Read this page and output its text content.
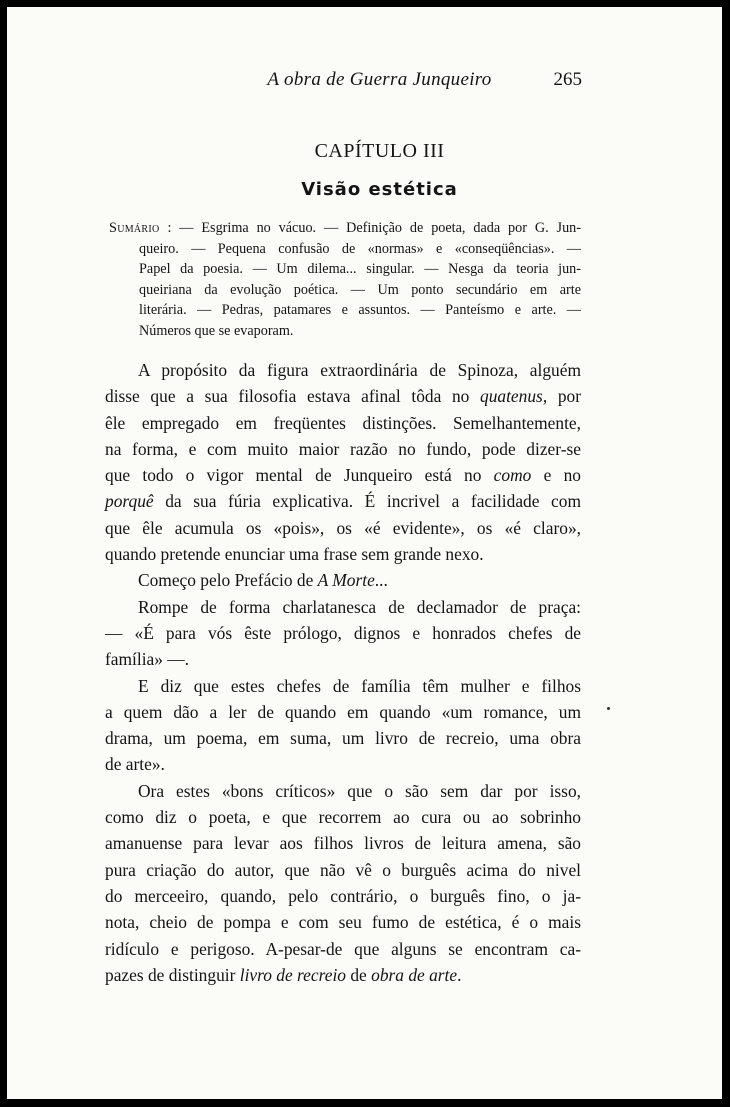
A obra de Guerra Junqueiro	265
CAPÍTULO III
Visão estética
Sumário : — Esgrima no vácuo. — Definição de poeta, dada por G. Jun-
queiro. — Pequena confusão de «normas» e «conseqüências». —
Papel da poesia. — Um dilema... singular. — Nesga da teoria jun-
queiriana da evolução poética. — Um ponto secundário em arte
literária. — Pedras, patamares e assuntos. — Panteísmo e arte. —
Números que se evaporam.
A propósito da figura extraordinária de Spinoza, alguém
disse que a sua filosofia estava afinal tôda no quatenus, por
êle empregado em freqüentes distinções. Semelhantemente,
na forma, e com muito maior razão no fundo, pode dizer-se
que todo o vigor mental de Junqueiro está no como e no
porquê da sua fúria explicativa. É incrivel a facilidade com
que êle acumula os «pois», os «é evidente», os «é claro»,
quando pretende enunciar uma frase sem grande nexo.
Começo pelo Prefácio de A Morte...
Rompe de forma charlatanesca de declamador de praça:
— «É para vós êste prólogo, dignos e honrados chefes de
família» —.
E diz que estes chefes de família têm mulher e filhos
a quem dão a ler de quando em quando «um romance, um
drama, um poema, em suma, um livro de recreio, uma obra
de arte».
Ora estes «bons críticos» que o são sem dar por isso,
como diz o poeta, e que recorrem ao cura ou ao sobrinho
amanuense para levar aos filhos livros de leitura amena, são
pura criação do autor, que não vê o burguês acima do nivel
do merceeiro, quando, pelo contrário, o burguês fino, o ja-
nota, cheio de pompa e com seu fumo de estética, é o mais
ridículo e perigoso. A-pesar-de que alguns se encontram ca-
pazes de distinguir livro de recreio de obra de arte.
